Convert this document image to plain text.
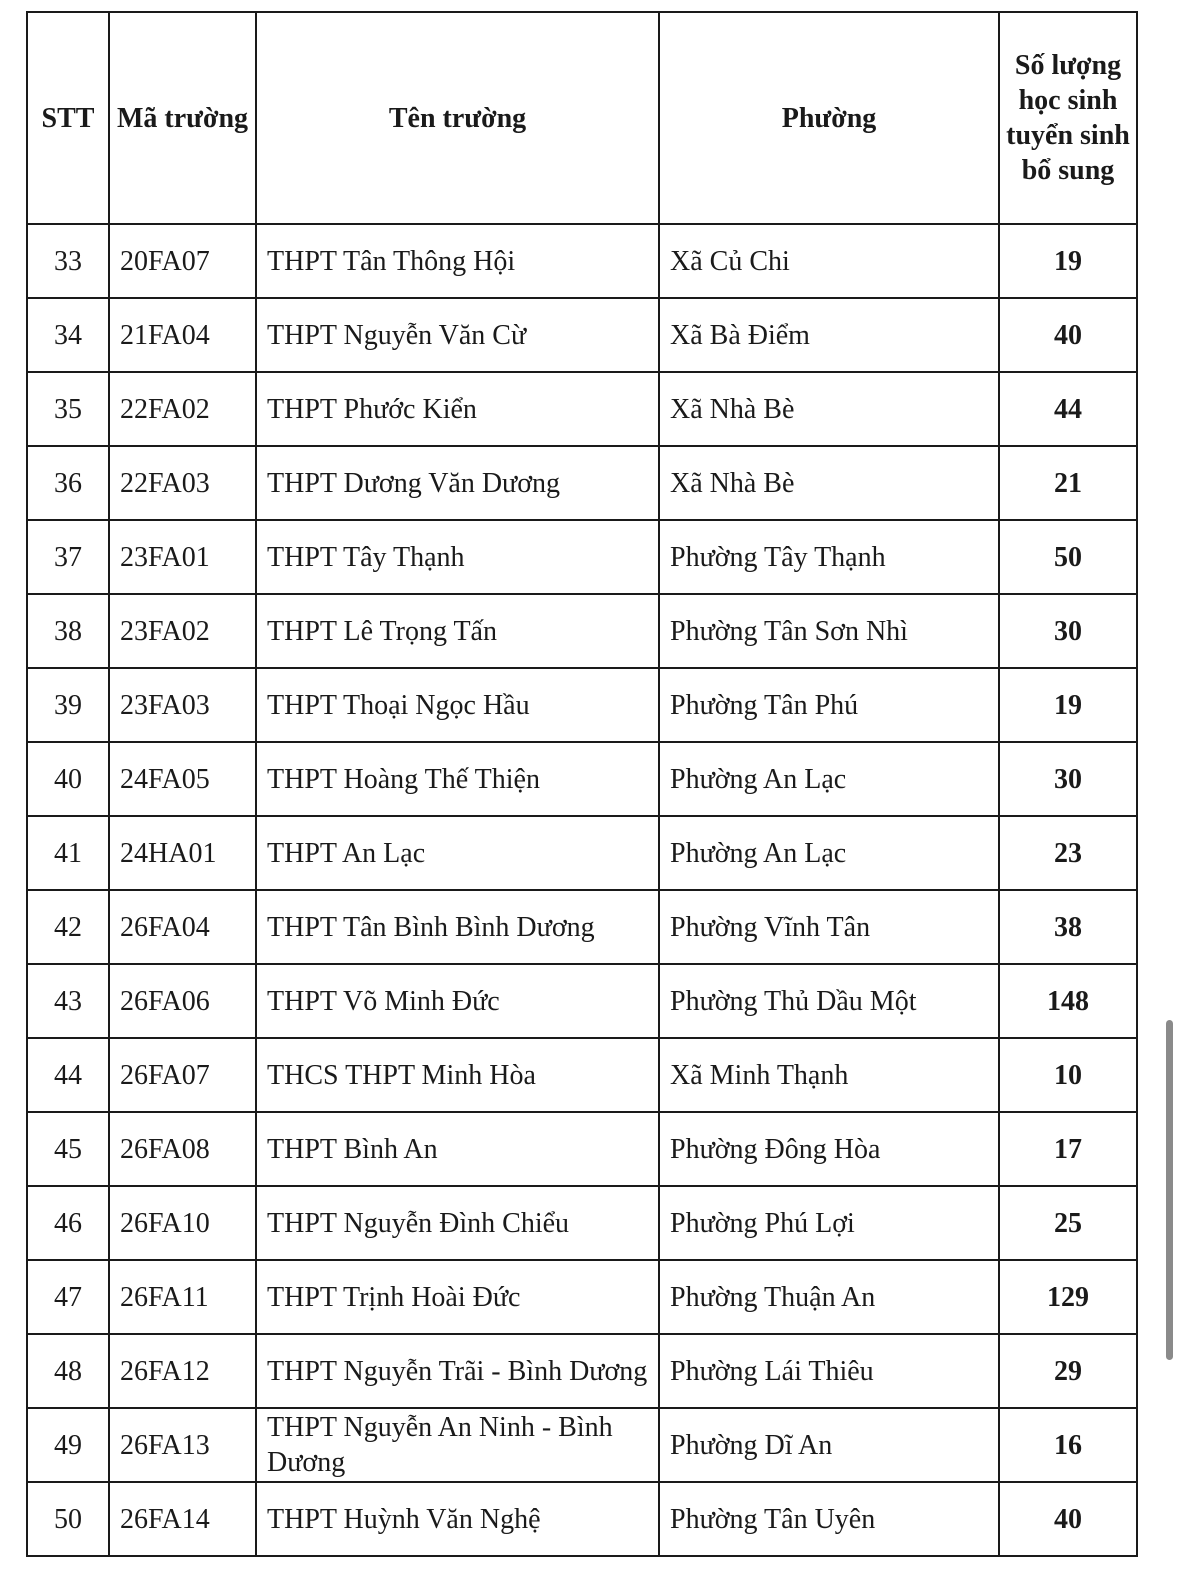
STT	Mã trường	Tên trường	Phường	Số lượng học sinh tuyển sinh bổ sung
33	20FA07	THPT Tân Thông Hội	Xã Củ Chi	19
34	21FA04	THPT Nguyễn Văn Cừ	Xã Bà Điểm	40
35	22FA02	THPT Phước Kiển	Xã Nhà Bè	44
36	22FA03	THPT Dương Văn Dương	Xã Nhà Bè	21
37	23FA01	THPT Tây Thạnh	Phường Tây Thạnh	50
38	23FA02	THPT Lê Trọng Tấn	Phường Tân Sơn Nhì	30
39	23FA03	THPT Thoại Ngọc Hầu	Phường Tân Phú	19
40	24FA05	THPT Hoàng Thế Thiện	Phường An Lạc	30
41	24HA01	THPT An Lạc	Phường An Lạc	23
42	26FA04	THPT Tân Bình Bình Dương	Phường Vĩnh Tân	38
43	26FA06	THPT Võ Minh Đức	Phường Thủ Dầu Một	148
44	26FA07	THCS THPT Minh Hòa	Xã Minh Thạnh	10
45	26FA08	THPT Bình An	Phường Đông Hòa	17
46	26FA10	THPT Nguyễn Đình Chiểu	Phường Phú Lợi	25
47	26FA11	THPT Trịnh Hoài Đức	Phường Thuận An	129
48	26FA12	THPT Nguyễn Trãi - Bình Dương	Phường Lái Thiêu	29
49	26FA13	THPT Nguyễn An Ninh - Bình Dương	Phường Dĩ An	16
50	26FA14	THPT Huỳnh Văn Nghệ	Phường Tân Uyên	40
